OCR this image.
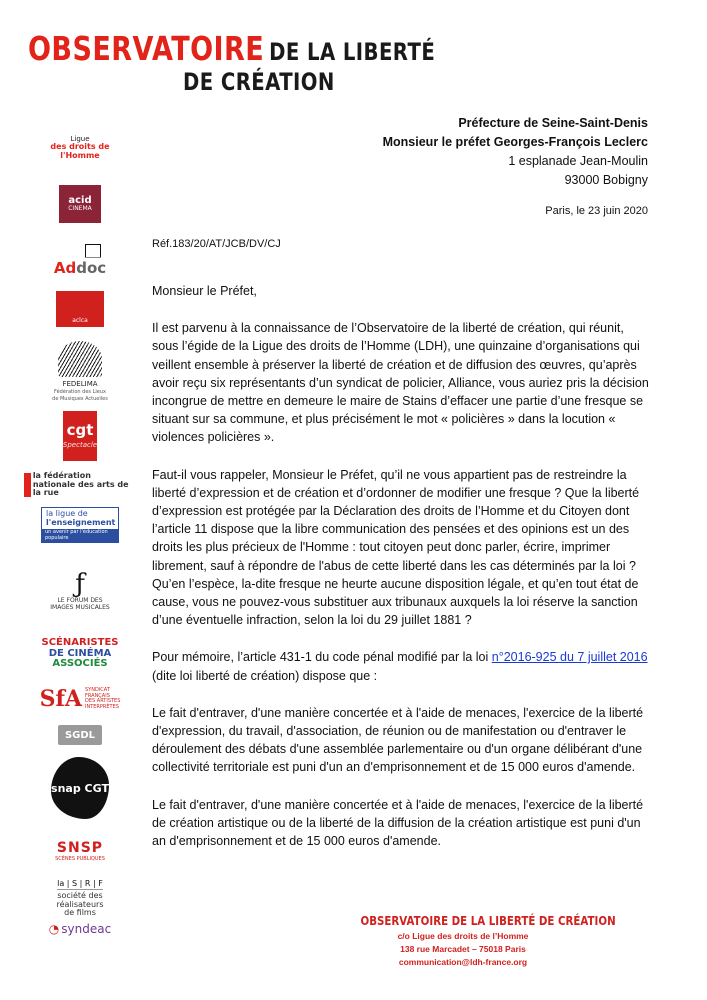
OBSERVATOIRE DE LA LIBERTÉ
DE CRÉATION
Ligue
des droits de
l'Homme
acid
CINEMA
Addoc
aclca
FEDELIMA
Fédération des Lieux
de Musiques Actuelles
cgt
Spectacle
la fédération
nationale des arts de la rue
la ligue de
l'enseignement
un avenir par l'éducation populaire
ƒ
LE FORUM DES
IMAGES MUSICALES
SCÉNARISTES
DE CINÉMA
ASSOCIÉS
SfA SYNDICAT
FRANÇAIS
DES ARTISTES
INTERPRÈTES
SGDL
snap CGT
SNSP
SCÈNES PUBLIQUES
la | S | R | F
société des
réalisateurs
de films
◔ syndeac
Préfecture de Seine-Saint-Denis
Monsieur le préfet Georges-François Leclerc
1 esplanade Jean-Moulin
93000 Bobigny
Paris, le 23 juin 2020
Réf.183/20/AT/JCB/DV/CJ

Monsieur le Préfet,

Il est parvenu à la connaissance de l’Observatoire de la liberté de création, qui réunit, sous l’égide de la Ligue des droits de l’Homme (LDH), une quinzaine d’organisations qui veillent ensemble à préserver la liberté de création et de diffusion des œuvres, qu’après avoir reçu six représentants d’un syndicat de policier, Alliance, vous auriez pris la décision incongrue de mettre en demeure le maire de Stains d’effacer une partie d’une fresque se situant sur sa commune, et plus précisément le mot « policières » dans la locution « violences policières ».

Faut-il vous rappeler, Monsieur le Préfet, qu’il ne vous appartient pas de restreindre la liberté d’expression et de création et d’ordonner de modifier une fresque ? Que la liberté d’expression est protégée par la Déclaration des droits de l’Homme et du Citoyen dont l’article 11 dispose que la libre communication des pensées et des opinions est un des droits les plus précieux de l'Homme : tout citoyen peut donc parler, écrire, imprimer librement, sauf à répondre de l'abus de cette liberté dans les cas déterminés par la loi ? Qu’en l’espèce, la-dite fresque ne heurte aucune disposition légale, et qu’en tout état de cause, vous ne pouvez-vous substituer aux tribunaux auxquels la loi réserve la sanction d’une éventuelle infraction, selon la loi du 29 juillet 1881 ?

Pour mémoire, l’article 431-1 du code pénal modifié par la loi n°2016-925 du 7 juillet 2016 (dite loi liberté de création) dispose que :

Le fait d'entraver, d'une manière concertée et à l'aide de menaces, l'exercice de la liberté d'expression, du travail, d'association, de réunion ou de manifestation ou d'entraver le déroulement des débats d'une assemblée parlementaire ou d'un organe délibérant d'une collectivité territoriale est puni d'un an d'emprisonnement et de 15 000 euros d'amende.

Le fait d'entraver, d'une manière concertée et à l'aide de menaces, l'exercice de la liberté de création artistique ou de la liberté de la diffusion de la création artistique est puni d'un an d'emprisonnement et de 15 000 euros d'amende.

OBSERVATOIRE DE LA LIBERTÉ DE CRÉATION
c/o Ligue des droits de l’Homme
138 rue Marcadet – 75018 Paris
communication@ldh-france.org
